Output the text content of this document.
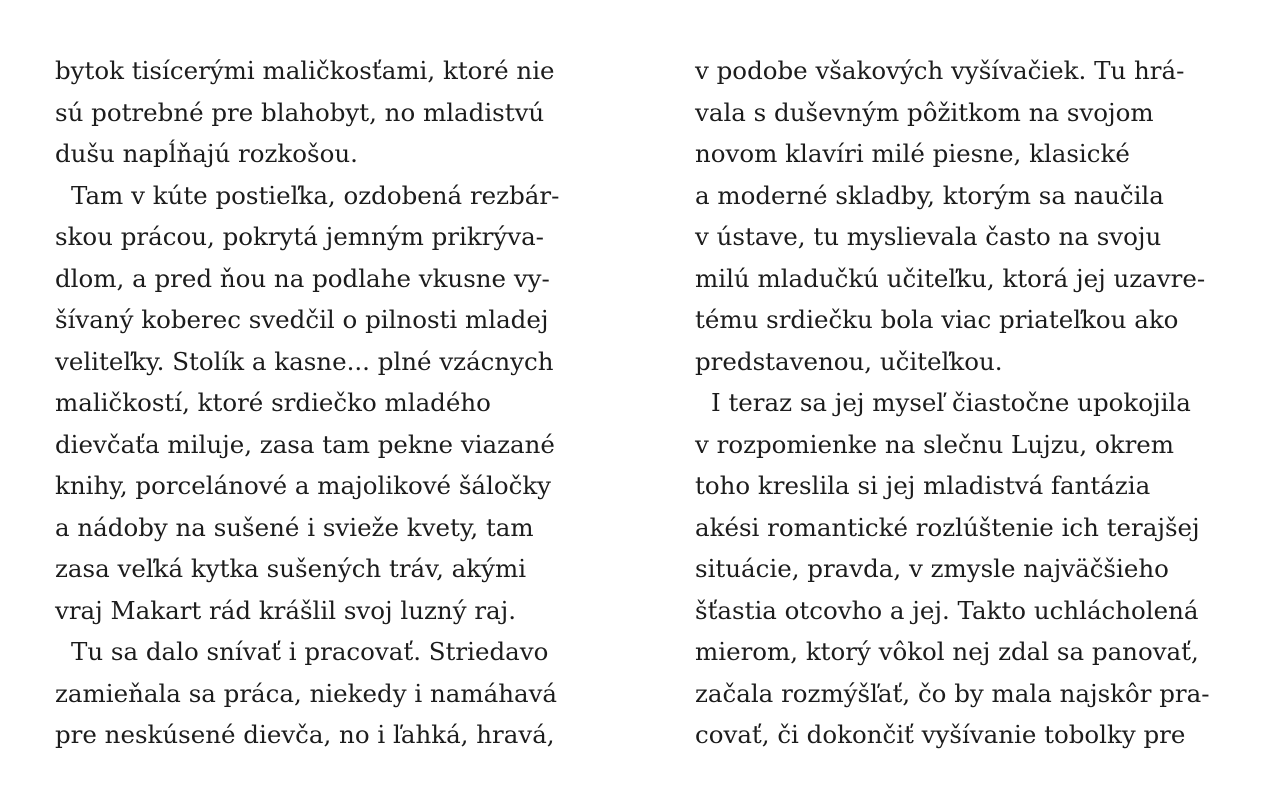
bytok tisícerými maličkosťami, ktoré nie
sú potrebné pre blahobyt, no mladistvú
dušu napĺňajú rozkošou.
Tam v kúte postieľka, ozdobená rezbár-
skou prácou, pokrytá jemným prikrýva-
dlom, a pred ňou na podlahe vkusne vy-
šívaný koberec svedčil o pilnosti mladej
veliteľky. Stolík a kasne... plné vzácnych
maličkostí, ktoré srdiečko mladého
dievčaťa miluje, zasa tam pekne viazané
knihy, porcelánové a majolikové šáločky
a nádoby na sušené i svieže kvety, tam
zasa veľká kytka sušených tráv, akými
vraj Makart rád krášlil svoj luzný raj.
Tu sa dalo snívať i pracovať. Striedavo
zamieňala sa práca, niekedy i namáhavá
pre neskúsené dievča, no i ľahká, hravá,
v podobe všakových vyšívačiek. Tu hrá-
vala s duševným pôžitkom na svojom
novom klavíri milé piesne, klasické
a moderné skladby, ktorým sa naučila
v ústave, tu myslievala často na svoju
milú mladučkú učiteľku, ktorá jej uzavre-
tému srdiečku bola viac priateľkou ako
predstavenou, učiteľkou.
I teraz sa jej myseľ čiastočne upokojila
v rozpomienke na slečnu Lujzu, okrem
toho kreslila si jej mladistvá fantázia
akési romantické rozlúštenie ich terajšej
situácie, pravda, v zmysle najväčšieho
šťastia otcovho a jej. Takto uchlácholená
mierom, ktorý vôkol nej zdal sa panovať,
začala rozmýšľať, čo by mala najskôr pra-
covať, či dokončiť vyšívanie tobolky pre
